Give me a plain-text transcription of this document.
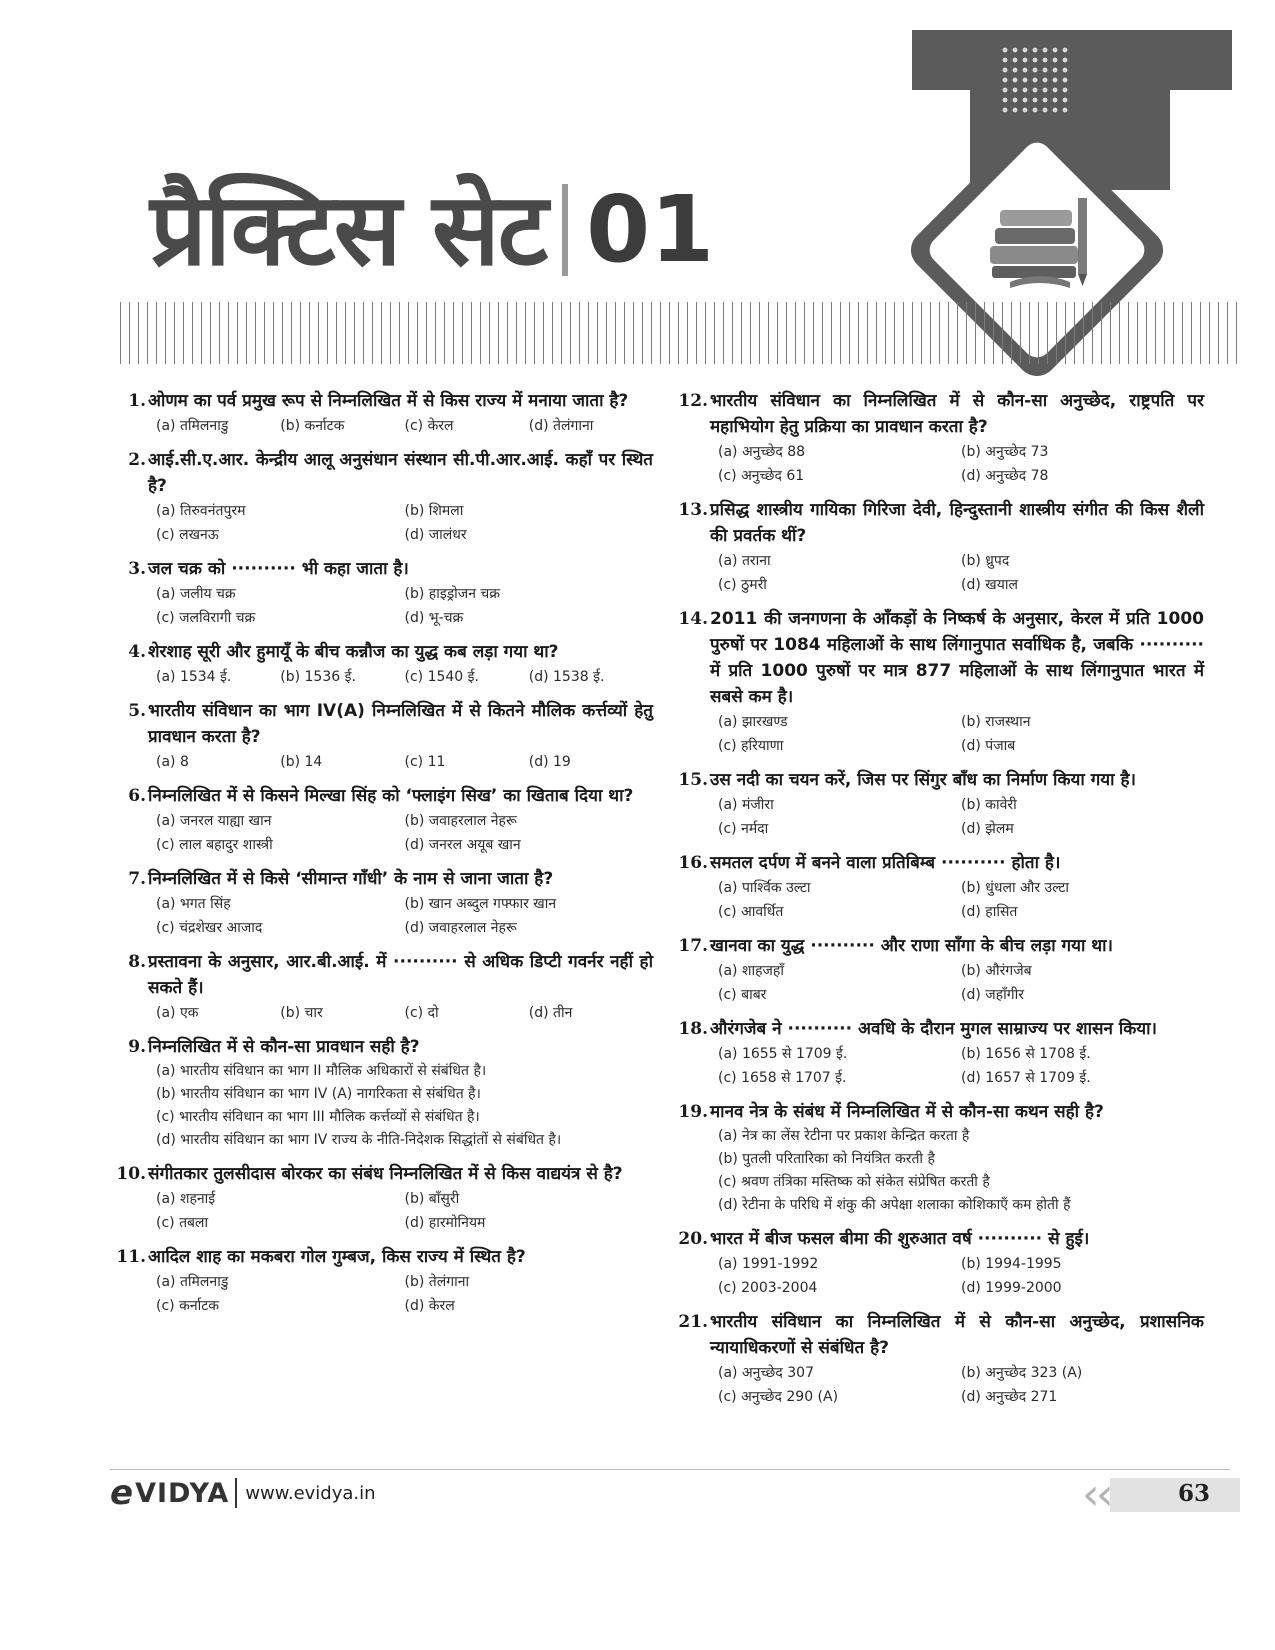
प्रैक्टिस सेट 01
1. ओणम का पर्व प्रमुख रूप से निम्नलिखित में से किस राज्य में मनाया जाता है?
(a) तमिलनाडु	(b) कर्नाटक	(c) केरल	(d) तेलंगाना
2. आई.सी.ए.आर. केन्द्रीय आलू अनुसंधान संस्थान सी.पी.आर.आई. कहाँ पर स्थित है?
(a) तिरुवनंतपुरम	(b) शिमला
(c) लखनऊ	(d) जालंधर
3. जल चक्र को ·········· भी कहा जाता है।
(a) जलीय चक्र	(b) हाइड्रोजन चक्र
(c) जलविरागी चक्र	(d) भू-चक्र
4. शेरशाह सूरी और हुमायूँ के बीच कन्नौज का युद्ध कब लड़ा गया था?
(a) 1534 ई.	(b) 1536 ई.	(c) 1540 ई.	(d) 1538 ई.
5. भारतीय संविधान का भाग IV(A) निम्नलिखित में से कितने मौलिक कर्त्तव्यों हेतु प्रावधान करता है?
(a) 8	(b) 14	(c) 11	(d) 19
6. निम्नलिखित में से किसने मिल्खा सिंह को ‘फ्लाइंग सिख’ का खिताब दिया था?
(a) जनरल याह्या खान	(b) जवाहरलाल नेहरू
(c) लाल बहादुर शास्त्री	(d) जनरल अयूब खान
7. निम्नलिखित में से किसे ‘सीमान्त गाँधी’ के नाम से जाना जाता है?
(a) भगत सिंह	(b) खान अब्दुल गफ्फार खान
(c) चंद्रशेखर आजाद	(d) जवाहरलाल नेहरू
8. प्रस्तावना के अनुसार, आर.बी.आई. में ·········· से अधिक डिप्टी गवर्नर नहीं हो सकते हैं।
(a) एक	(b) चार	(c) दो	(d) तीन
9. निम्नलिखित में से कौन-सा प्रावधान सही है?
(a) भारतीय संविधान का भाग II मौलिक अधिकारों से संबंधित है।
(b) भारतीय संविधान का भाग IV (A) नागरिकता से संबंधित है।
(c) भारतीय संविधान का भाग III मौलिक कर्त्तव्यों से संबंधित है।
(d) भारतीय संविधान का भाग IV राज्य के नीति-निदेशक सिद्धांतों से संबंधित है।
10. संगीतकार तुलसीदास बोरकर का संबंध निम्नलिखित में से किस वाद्ययंत्र से है?
(a) शहनाई	(b) बाँसुरी
(c) तबला	(d) हारमोनियम
11. आदिल शाह का मकबरा गोल गुम्बज, किस राज्य में स्थित है?
(a) तमिलनाडु	(b) तेलंगाना
(c) कर्नाटक	(d) केरल
12. भारतीय संविधान का निम्नलिखित में से कौन-सा अनुच्छेद, राष्ट्रपति पर महाभियोग हेतु प्रक्रिया का प्रावधान करता है?
(a) अनुच्छेद 88	(b) अनुच्छेद 73
(c) अनुच्छेद 61	(d) अनुच्छेद 78
13. प्रसिद्ध शास्त्रीय गायिका गिरिजा देवी, हिन्दुस्तानी शास्त्रीय संगीत की किस शैली की प्रवर्तक थीं?
(a) तराना	(b) ध्रुपद
(c) ठुमरी	(d) खयाल
14. 2011 की जनगणना के आँकड़ों के निष्कर्ष के अनुसार, केरल में प्रति 1000 पुरुषों पर 1084 महिलाओं के साथ लिंगानुपात सर्वाधिक है, जबकि ·········· में प्रति 1000 पुरुषों पर मात्र 877 महिलाओं के साथ लिंगानुपात भारत में सबसे कम है।
(a) झारखण्ड	(b) राजस्थान
(c) हरियाणा	(d) पंजाब
15. उस नदी का चयन करें, जिस पर सिंगुर बाँध का निर्माण किया गया है।
(a) मंजीरा	(b) कावेरी
(c) नर्मदा	(d) झेलम
16. समतल दर्पण में बनने वाला प्रतिबिम्ब ·········· होता है।
(a) पार्श्विक उल्टा	(b) धुंधला और उल्टा
(c) आवर्धित	(d) हासित
17. खानवा का युद्ध ·········· और राणा साँगा के बीच लड़ा गया था।
(a) शाहजहाँ	(b) औरंगजेब
(c) बाबर	(d) जहाँगीर
18. औरंगजेब ने ·········· अवधि के दौरान मुगल साम्राज्य पर शासन किया।
(a) 1655 से 1709 ई.	(b) 1656 से 1708 ई.
(c) 1658 से 1707 ई.	(d) 1657 से 1709 ई.
19. मानव नेत्र के संबंध में निम्नलिखित में से कौन-सा कथन सही है?
(a) नेत्र का लेंस रेटीना पर प्रकाश केन्द्रित करता है
(b) पुतली परितारिका को नियंत्रित करती है
(c) श्रवण तंत्रिका मस्तिष्क को संकेत संप्रेषित करती है
(d) रेटीना के परिधि में शंकु की अपेक्षा शलाका कोशिकाएँ कम होती हैं
20. भारत में बीज फसल बीमा की शुरुआत वर्ष ·········· से हुई।
(a) 1991-1992	(b) 1994-1995
(c) 2003-2004	(d) 1999-2000
21. भारतीय संविधान का निम्नलिखित में से कौन-सा अनुच्छेद, प्रशासनिक न्यायाधिकरणों से संबंधित है?
(a) अनुच्छेद 307	(b) अनुच्छेद 323 (A)
(c) अनुच्छेद 290 (A)	(d) अनुच्छेद 271
e VIDYA www.evidya.in	‹
‹	63
